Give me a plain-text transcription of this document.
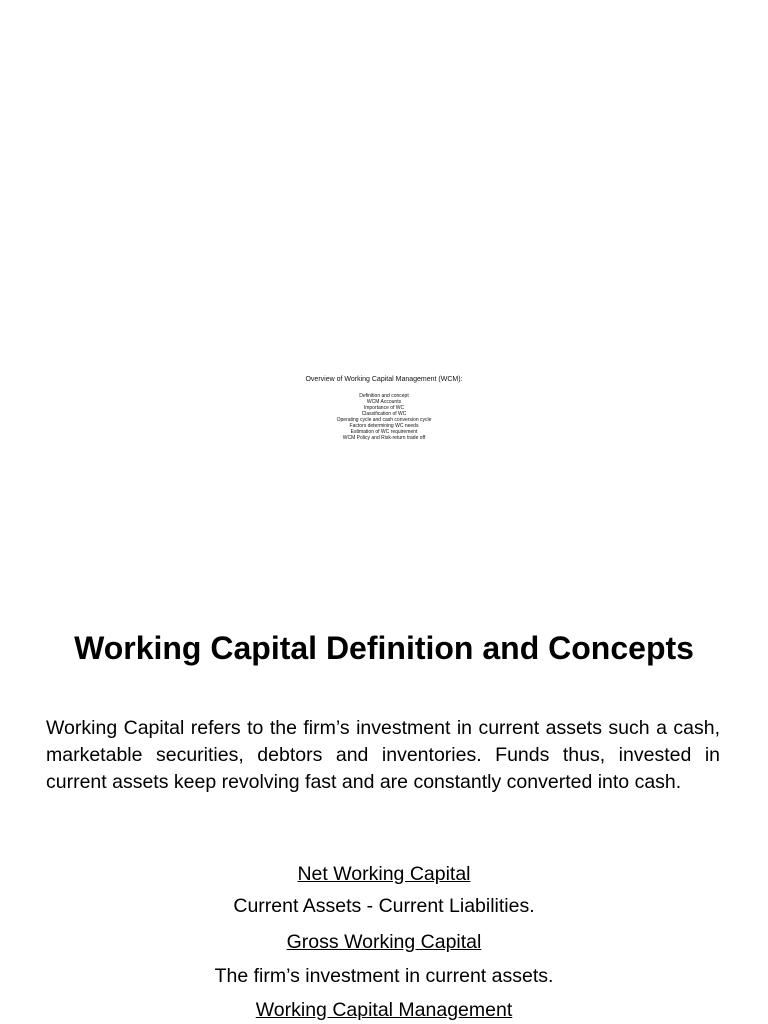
Overview of Working Capital Management (WCM):
Definition and concept
WCM Accounts
Importance of WC
Classification of WC
Operating cycle and cash conversion cycle
Factors determining WC needs
Estimation of WC requirement
WCM Policy and Risk-return trade off
Working Capital Definition and Concepts

Working Capital refers to the firm’s investment in current assets such a cash, marketable securities, debtors and inventories. Funds thus, invested in current assets keep revolving fast and are constantly converted into cash.

Net Working Capital

Current Assets - Current Liabilities.

Gross Working Capital

The firm’s investment in current assets.

Working Capital Management
